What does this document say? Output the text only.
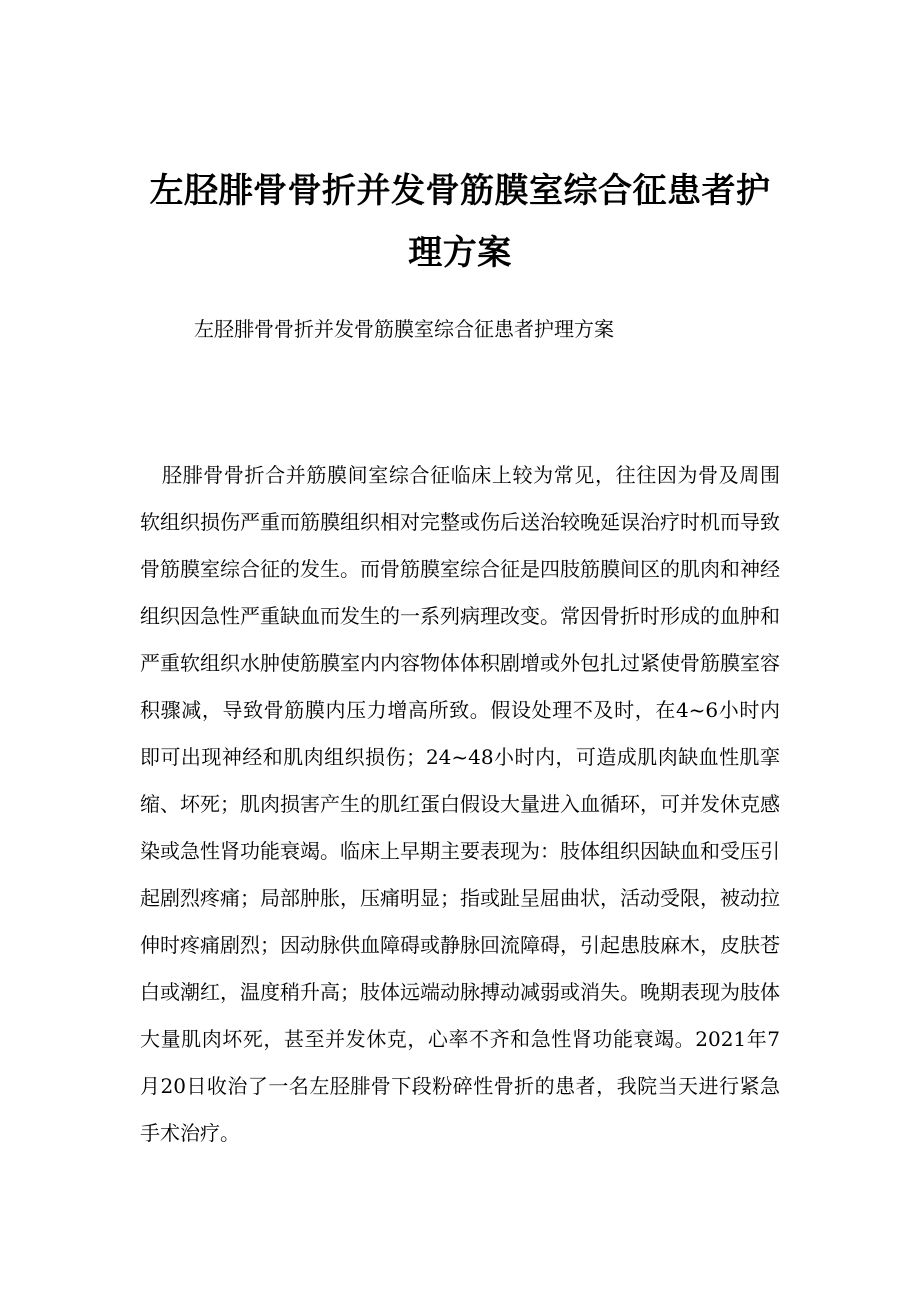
左胫腓骨骨折并发骨筋膜室综合征患者护理方案

左胫腓骨骨折并发骨筋膜室综合征患者护理方案

胫腓骨骨折合并筋膜间室综合征临床上较为常见，往往因为骨及周围软组织损伤严重而筋膜组织相对完整或伤后送治较晚延误治疗时机而导致骨筋膜室综合征的发生。而骨筋膜室综合征是四肢筋膜间区的肌肉和神经组织因急性严重缺血而发生的一系列病理改变。常因骨折时形成的血肿和严重软组织水肿使筋膜室内内容物体体积剧增或外包扎过紧使骨筋膜室容积骤减，导致骨筋膜内压力增高所致。假设处理不及时，在4~6小时内即可出现神经和肌肉组织损伤；24~48小时内，可造成肌肉缺血性肌挛缩、坏死；肌肉损害产生的肌红蛋白假设大量进入血循环，可并发休克感染或急性肾功能衰竭。临床上早期主要表现为：肢体组织因缺血和受压引起剧烈疼痛；局部肿胀，压痛明显；指或趾呈屈曲状，活动受限，被动拉伸时疼痛剧烈；因动脉供血障碍或静脉回流障碍，引起患肢麻木，皮肤苍白或潮红，温度稍升高；肢体远端动脉搏动减弱或消失。晚期表现为肢体大量肌肉坏死，甚至并发休克，心率不齐和急性肾功能衰竭。2021年7月20日收治了一名左胫腓骨下段粉碎性骨折的患者，我院当天进行紧急手术治疗。
